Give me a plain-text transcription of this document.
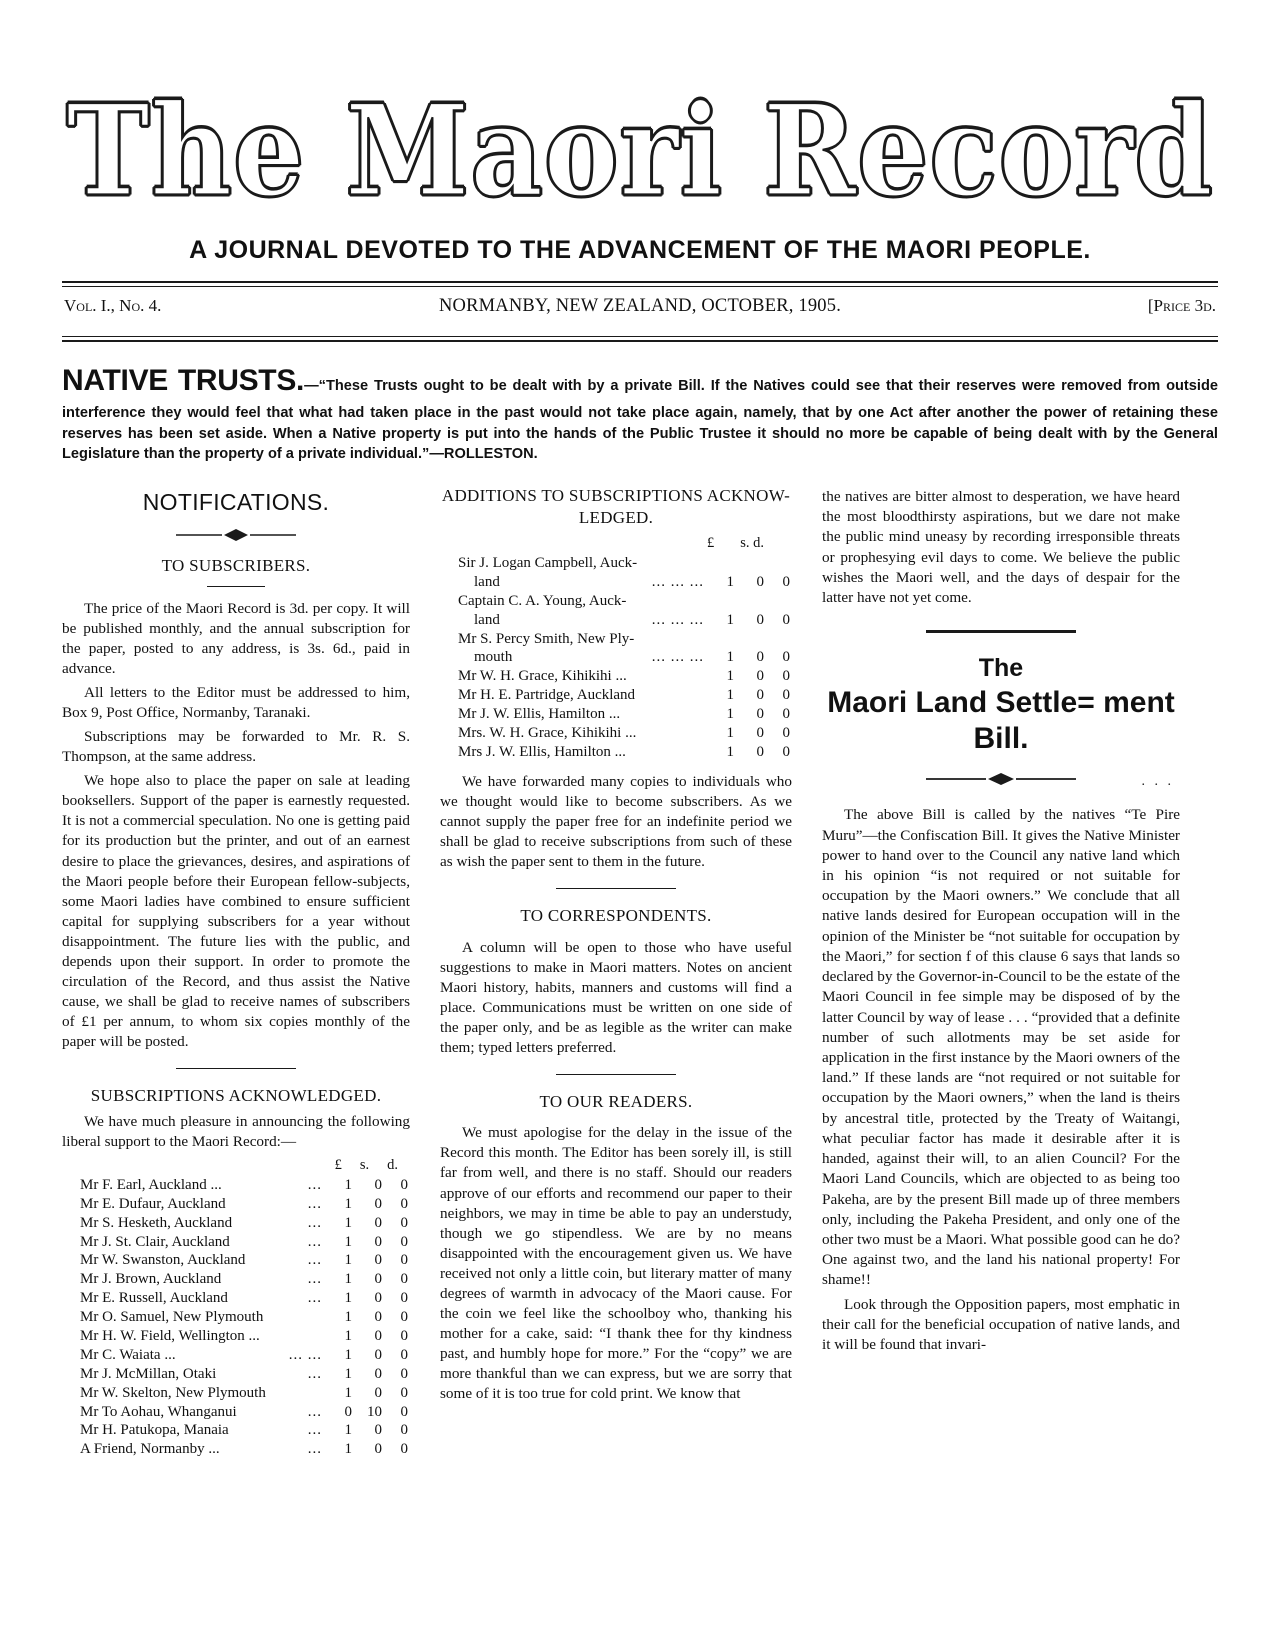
The Maori Record
A JOURNAL DEVOTED TO THE ADVANCEMENT OF THE MAORI PEOPLE.
Vol. I., No. 4.	NORMANBY, NEW ZEALAND, OCTOBER, 1905.	[Price 3d.
NATIVE TRUSTS.—“These Trusts ought to be dealt with by a private Bill. If the Natives could see that their reserves were removed from outside interference they would feel that what had taken place in the past would not take place again, namely, that by one Act after another the power of retaining these reserves has been set aside. When a Native property is put into the hands of the Public Trustee it should no more be capable of being dealt with by the General Legislature than the property of a private individual.”—ROLLESTON.
NOTIFICATIONS.
TO SUBSCRIBERS.

The price of the Maori Record is 3d. per copy. It will be published monthly, and the annual subscription for the paper, posted to any address, is 3s. 6d., paid in advance.

All letters to the Editor must be addressed to him, Box 9, Post Office, Normanby, Taranaki.

Subscriptions may be forwarded to Mr. R. S. Thompson, at the same address.

We hope also to place the paper on sale at leading booksellers. Support of the paper is earnestly requested. It is not a commercial speculation. No one is getting paid for its production but the printer, and out of an earnest desire to place the grievances, desires, and aspirations of the Maori people before their European fellow-subjects, some Maori ladies have combined to ensure sufficient capital for supplying subscribers for a year without disappointment. The future lies with the public, and depends upon their support. In order to promote the circulation of the Record, and thus assist the Native cause, we shall be glad to receive names of subscribers of £1 per annum, to whom six copies monthly of the paper will be posted.

SUBSCRIPTIONS ACKNOWLEDGED.

We have much pleasure in announcing the following liberal support to the Maori Record:—

£ s. d.
Mr F. Earl, Auckland ...	...	1	0	0
Mr E. Dufaur, Auckland	...	1	0	0
Mr S. Hesketh, Auckland	...	1	0	0
Mr J. St. Clair, Auckland	...	1	0	0
Mr W. Swanston, Auckland	...	1	0	0
Mr J. Brown, Auckland	...	1	0	0
Mr E. Russell, Auckland	...	1	0	0
Mr O. Samuel, New Plymouth		1	0	0
Mr H. W. Field, Wellington ...		1	0	0
Mr C. Waiata ...	... ...	1	0	0
Mr J. McMillan, Otaki	...	1	0	0
Mr W. Skelton, New Plymouth		1	0	0
Mr To Aohau, Whanganui	...	0	10	0
Mr H. Patukopa, Manaia	...	1	0	0
A Friend, Normanby ...	...	1	0	0
ADDITIONS TO SUBSCRIPTIONS ACKNOW-
LEDGED.
£ s. d.
Sir J. Logan Campbell, Auck-				
land	... ... ...	1	0	0
Captain C. A. Young, Auck-				
land	... ... ...	1	0	0
Mr S. Percy Smith, New Ply-				
mouth	... ... ...	1	0	0
Mr W. H. Grace, Kihikihi ...		1	0	0
Mr H. E. Partridge, Auckland		1	0	0
Mr J. W. Ellis, Hamilton ...		1	0	0
Mrs. W. H. Grace, Kihikihi ...		1	0	0
Mrs J. W. Ellis, Hamilton ...		1	0	0

We have forwarded many copies to individuals who we thought would like to become subscribers. As we cannot supply the paper free for an indefinite period we shall be glad to receive subscriptions from such of these as wish the paper sent to them in the future.

TO CORRESPONDENTS.

A column will be open to those who have useful suggestions to make in Maori matters. Notes on ancient Maori history, habits, manners and customs will find a place. Communications must be written on one side of the paper only, and be as legible as the writer can make them; typed letters preferred.

TO OUR READERS.

We must apologise for the delay in the issue of the Record this month. The Editor has been sorely ill, is still far from well, and there is no staff. Should our readers approve of our efforts and recommend our paper to their neighbors, we may in time be able to pay an understudy, though we go stipendless. We are by no means disappointed with the encouragement given us. We have received not only a little coin, but literary matter of many degrees of warmth in advocacy of the Maori cause. For the coin we feel like the schoolboy who, thanking his mother for a cake, said: “I thank thee for thy kindness past, and humbly hope for more.” For the “copy” we are more thankful than we can express, but we are sorry that some of it is too true for cold print. We know that

the natives are bitter almost to desperation, we have heard the most bloodthirsty aspirations, but we dare not make the public mind uneasy by recording irresponsible threats or prophesying evil days to come. We believe the public wishes the Maori well, and the days of despair for the latter have not yet come.

The
Maori Land Settle= ment Bill.
. . .

The above Bill is called by the natives “Te Pire Muru”—the Confiscation Bill. It gives the Native Minister power to hand over to the Council any native land which in his opinion “is not required or not suitable for occupation by the Maori owners.” We conclude that all native lands desired for European occupation will in the opinion of the Minister be “not suitable for occupation by the Maori,” for section f of this clause 6 says that lands so declared by the Governor-in-Council to be the estate of the Maori Council in fee simple may be disposed of by the latter Council by way of lease . . . “provided that a definite number of such allotments may be set aside for application in the first instance by the Maori owners of the land.” If these lands are “not required or not suitable for occupation by the Maori owners,” when the land is theirs by ancestral title, protected by the Treaty of Waitangi, what peculiar factor has made it desirable after it is handed, against their will, to an alien Council? For the Maori Land Councils, which are objected to as being too Pakeha, are by the present Bill made up of three members only, including the Pakeha President, and only one of the other two must be a Maori. What possible good can he do? One against two, and the land his national property! For shame!!

Look through the Opposition papers, most emphatic in their call for the beneficial occupation of native lands, and it will be found that invari-
